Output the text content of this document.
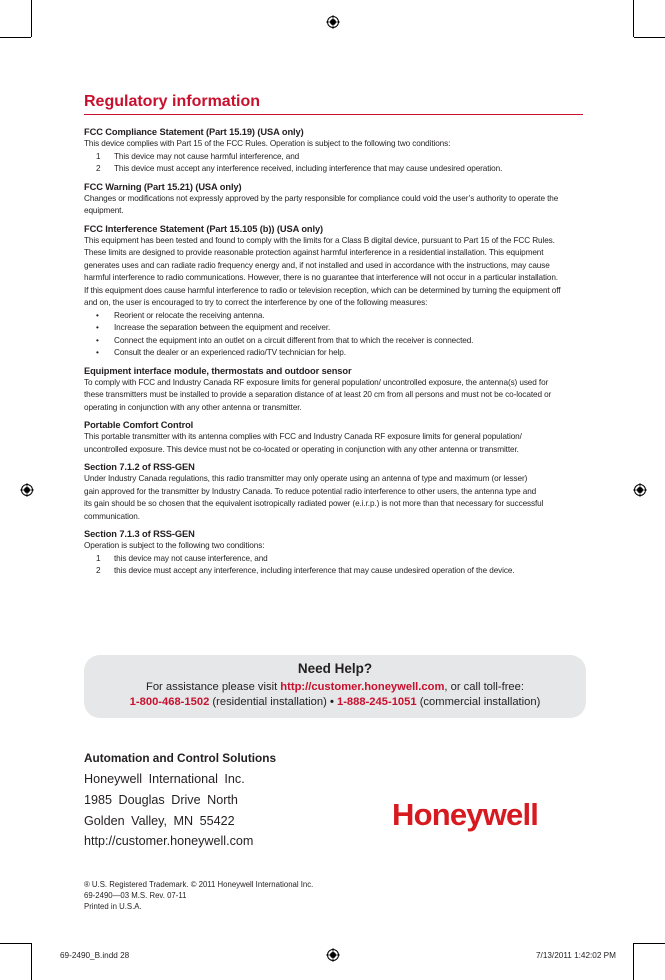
Regulatory information
FCC Compliance Statement (Part 15.19) (USA only)

This device complies with Part 15 of the FCC Rules. Operation is subject to the following two conditions:

1	This device may not cause harmful interference, and
2	This device must accept any interference received, including interference that may cause undesired operation.
FCC Warning (Part 15.21) (USA only)

Changes or modifications not expressly approved by the party responsible for compliance could void the user’s authority to operate the

equipment.

FCC Interference Statement (Part 15.105 (b)) (USA only)

This equipment has been tested and found to comply with the limits for a Class B digital device, pursuant to Part 15 of the FCC Rules.

These limits are designed to provide reasonable protection against harmful interference in a residential installation. This equipment

generates uses and can radiate radio frequency energy and, if not installed and used in accordance with the instructions, may cause

harmful interference to radio communications. However, there is no guarantee that interference will not occur in a particular installation.

If this equipment does cause harmful interference to radio or television reception, which can be determined by turning the equipment off

and on, the user is encouraged to try to correct the interference by one of the following measures:

•	Reorient or relocate the receiving antenna.
•	Increase the separation between the equipment and receiver.
•	Connect the equipment into an outlet on a circuit different from that to which the receiver is connected.
•	Consult the dealer or an experienced radio/TV technician for help.
Equipment interface module, thermostats and outdoor sensor

To comply with FCC and Industry Canada RF exposure limits for general population/ uncontrolled exposure, the antenna(s) used for

these transmitters must be installed to provide a separation distance of at least 20 cm from all persons and must not be co-located or

operating in conjunction with any other antenna or transmitter.

Portable Comfort Control

This portable transmitter with its antenna complies with FCC and Industry Canada RF exposure limits for general population/

uncontrolled exposure. This device must not be co-located or operating in conjunction with any other antenna or transmitter.

Section 7.1.2 of RSS-GEN

Under Industry Canada regulations, this radio transmitter may only operate using an antenna of type and maximum (or lesser)

gain approved for the transmitter by Industry Canada. To reduce potential radio interference to other users, the antenna type and

its gain should be so chosen that the equivalent isotropically radiated power (e.i.r.p.) is not more than that necessary for successful

communication.

Section 7.1.3 of RSS-GEN

Operation is subject to the following two conditions:

1	this device may not cause interference, and
2	this device must accept any interference, including interference that may cause undesired operation of the device.
Need Help?
For assistance please visit http://customer.honeywell.com, or call toll-free:
1-800-468-1502 (residential installation) • 1-888-245-1051 (commercial installation)
Automation and Control Solutions
Honeywell International Inc.
1985 Douglas Drive North
Golden Valley, MN 55422
http://customer.honeywell.com
Honeywell
® U.S. Registered Trademark. © 2011 Honeywell International Inc.
69-2490—03 M.S. Rev. 07-11
Printed in U.S.A.
69-2490_B.indd 28	7/13/2011 1:42:02 PM
